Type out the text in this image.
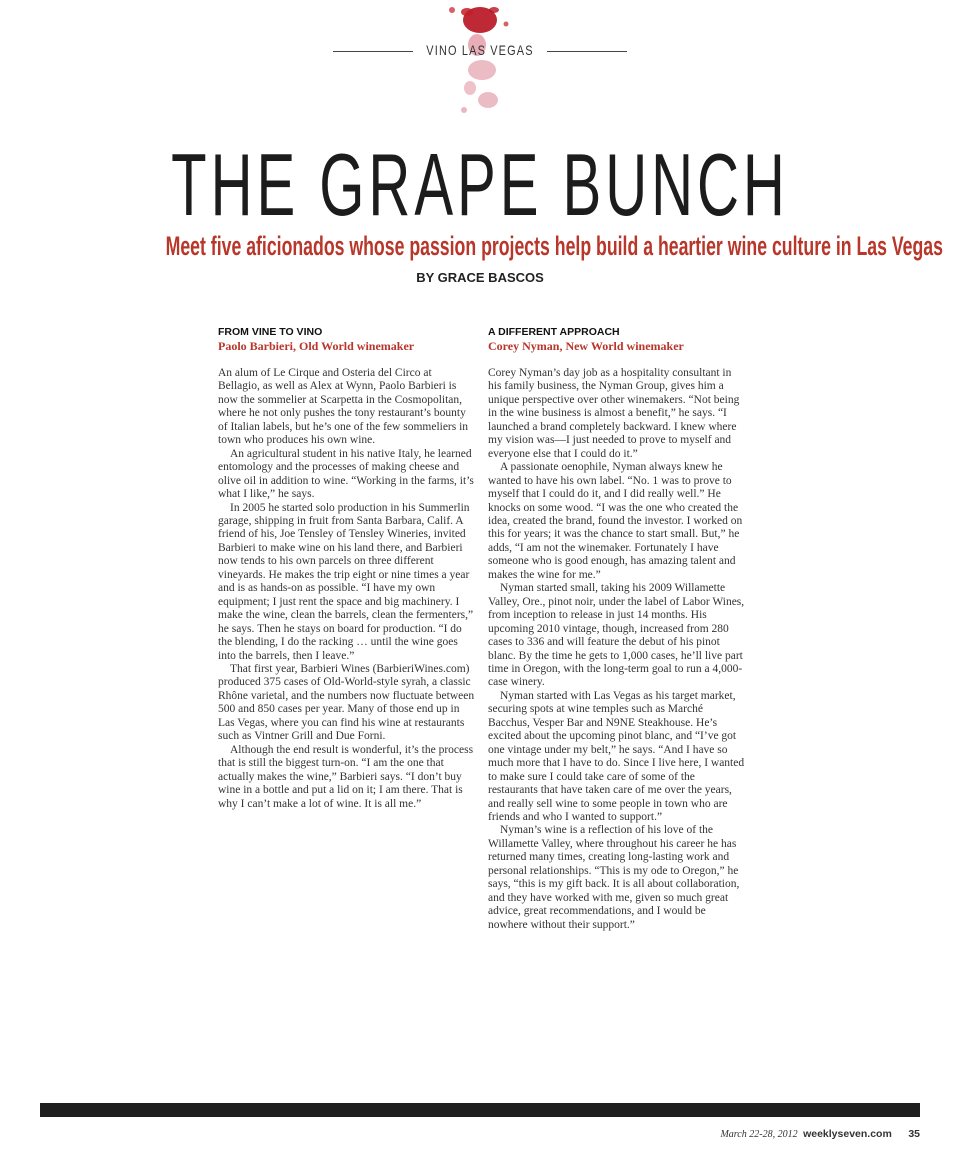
VINO LAS VEGAS
THE GRAPE BUNCH
Meet five aficionados whose passion projects help build a heartier wine culture in Las Vegas
BY GRACE BASCOS
FROM VINE TO VINO
Paolo Barbieri, Old World winemaker

An alum of Le Cirque and Osteria del Circo at Bellagio, as well as Alex at Wynn, Paolo Barbieri is now the sommelier at Scarpetta in the Cosmopolitan, where he not only pushes the tony restaurant’s bounty of Italian labels, but he’s one of the few sommeliers in town who produces his own wine.

An agricultural student in his native Italy, he learned entomology and the processes of making cheese and olive oil in addition to wine. “Working in the farms, it’s what I like,” he says.

In 2005 he started solo production in his Summerlin garage, shipping in fruit from Santa Barbara, Calif. A friend of his, Joe Tensley of Tensley Wineries, invited Barbieri to make wine on his land there, and Barbieri now tends to his own parcels on three different vineyards. He makes the trip eight or nine times a year and is as hands-on as possible. “I have my own equipment; I just rent the space and big machinery. I make the wine, clean the barrels, clean the fermenters,” he says. Then he stays on board for production. “I do the blending, I do the racking … until the wine goes into the barrels, then I leave.”

That first year, Barbieri Wines (BarbieriWines.com) produced 375 cases of Old-World-style syrah, a classic Rhône varietal, and the numbers now fluctuate between 500 and 850 cases per year. Many of those end up in Las Vegas, where you can find his wine at restaurants such as Vintner Grill and Due Forni.

Although the end result is wonderful, it’s the process that is still the biggest turn-on. “I am the one that actually makes the wine,” Barbieri says. “I don’t buy wine in a bottle and put a lid on it; I am there. That is why I can’t make a lot of wine. It is all me.”

A DIFFERENT APPROACH
Corey Nyman, New World winemaker

Corey Nyman’s day job as a hospitality consultant in his family business, the Nyman Group, gives him a unique perspective over other winemakers. “Not being in the wine business is almost a benefit,” he says. “I launched a brand completely backward. I knew where my vision was—I just needed to prove to myself and everyone else that I could do it.”

A passionate oenophile, Nyman always knew he wanted to have his own label. “No. 1 was to prove to myself that I could do it, and I did really well.” He knocks on some wood. “I was the one who created the idea, created the brand, found the investor. I worked on this for years; it was the chance to start small. But,” he adds, “I am not the winemaker. Fortunately I have someone who is good enough, has amazing talent and makes the wine for me.”

Nyman started small, taking his 2009 Willamette Valley, Ore., pinot noir, under the label of Labor Wines, from inception to release in just 14 months. His upcoming 2010 vintage, though, increased from 280 cases to 336 and will feature the debut of his pinot blanc. By the time he gets to 1,000 cases, he’ll live part time in Oregon, with the long-term goal to run a 4,000-case winery.

Nyman started with Las Vegas as his target market, securing spots at wine temples such as Marché Bacchus, Vesper Bar and N9NE Steakhouse. He’s excited about the upcoming pinot blanc, and “I’ve got one vintage under my belt,” he says. “And I have so much more that I have to do. Since I live here, I wanted to make sure I could take care of some of the restaurants that have taken care of me over the years, and really sell wine to some people in town who are friends and who I wanted to support.”

Nyman’s wine is a reflection of his love of the Willamette Valley, where throughout his career he has returned many times, creating long-lasting work and personal relationships. “This is my ode to Oregon,” he says, “this is my gift back. It is all about collaboration, and they have worked with me, given so much great advice, great recommendations, and I would be nowhere without their support.”

March 22-28, 2012 weeklyseven.com 35
